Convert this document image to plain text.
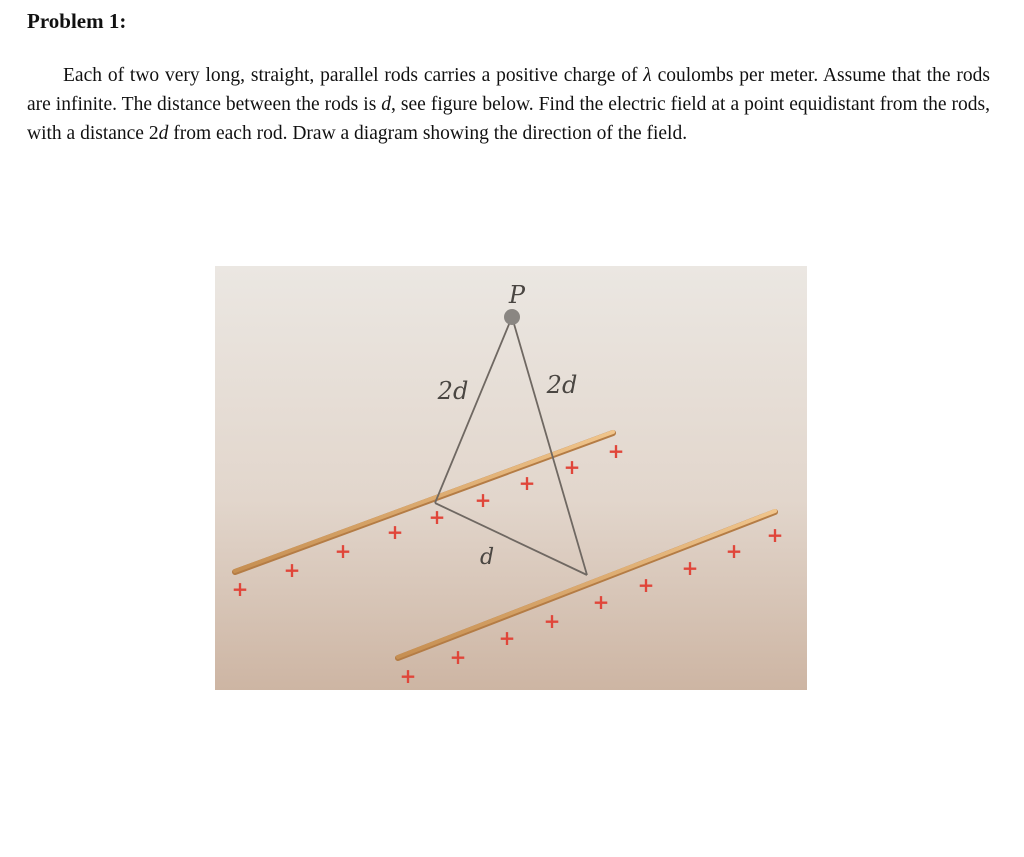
Problem 1:

Each of two very long, straight, parallel rods carries a positive charge of λ coulombs per meter. Assume that the rods are infinite. The distance between the rods is d, see figure below. Find the electric field at a point equidistant from the rods, with a distance 2d from each rod. Draw a diagram showing the direction of the field.

P
2d	2d
d
+
+
+
+
+
+
+
+
+
+
+
+
+
+
+
+
+
+
